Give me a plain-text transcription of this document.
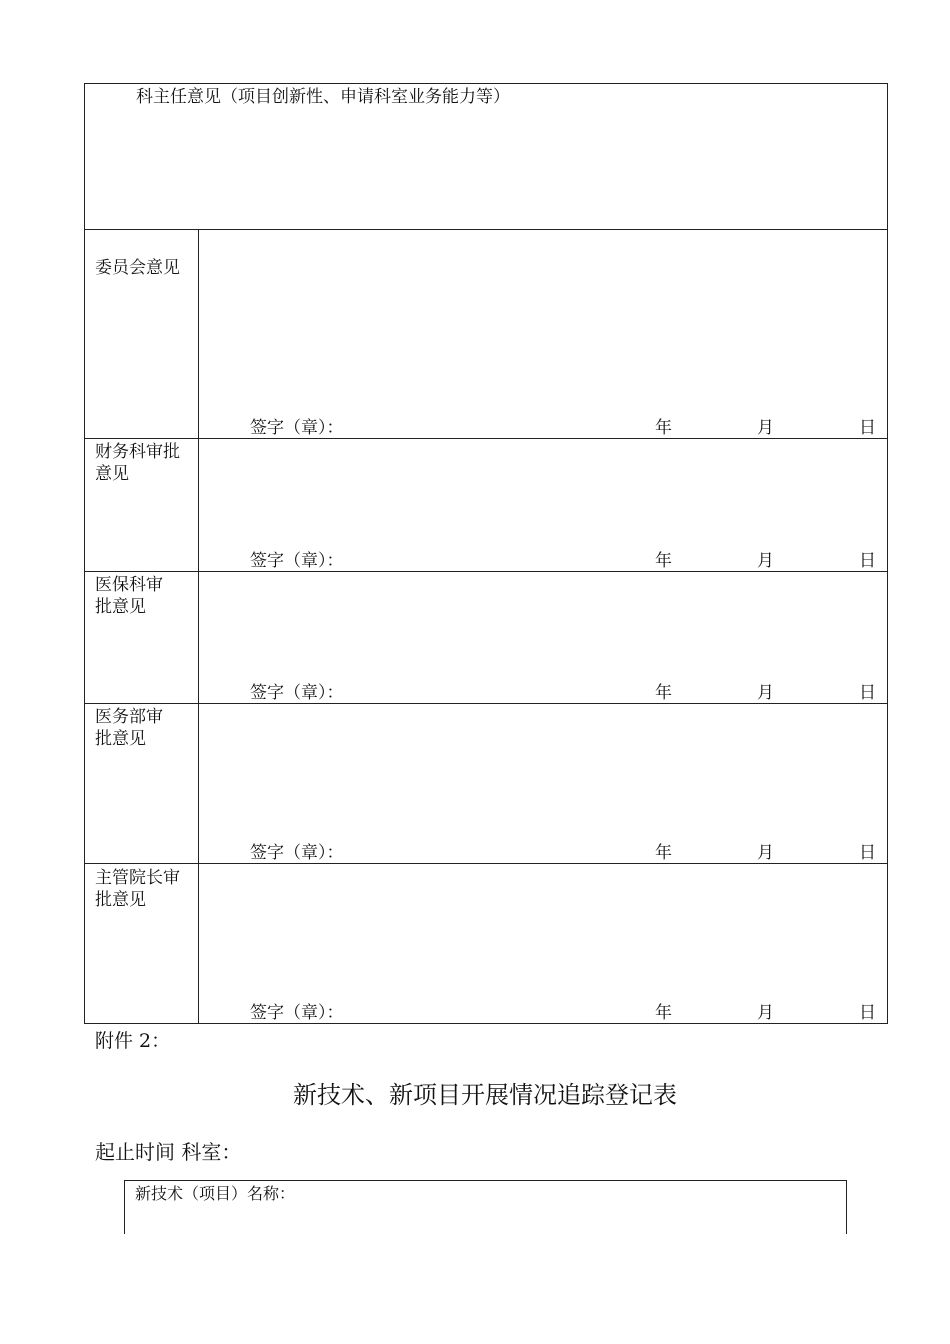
科主任意见（项目创新性、申请科室业务能力等）
委员会意见
签字（章）：	年	月	日
财务科审批意见
签字（章）：	年	月	日
医保科审批意见
签字（章）：	年	月	日
医务部审批意见
签字（章）：	年	月	日
主管院长审批意见
签字（章）：	年	月	日
附件 2：
新技术、新项目开展情况追踪登记表
起止时间 科室：
新技术（项目）名称：
